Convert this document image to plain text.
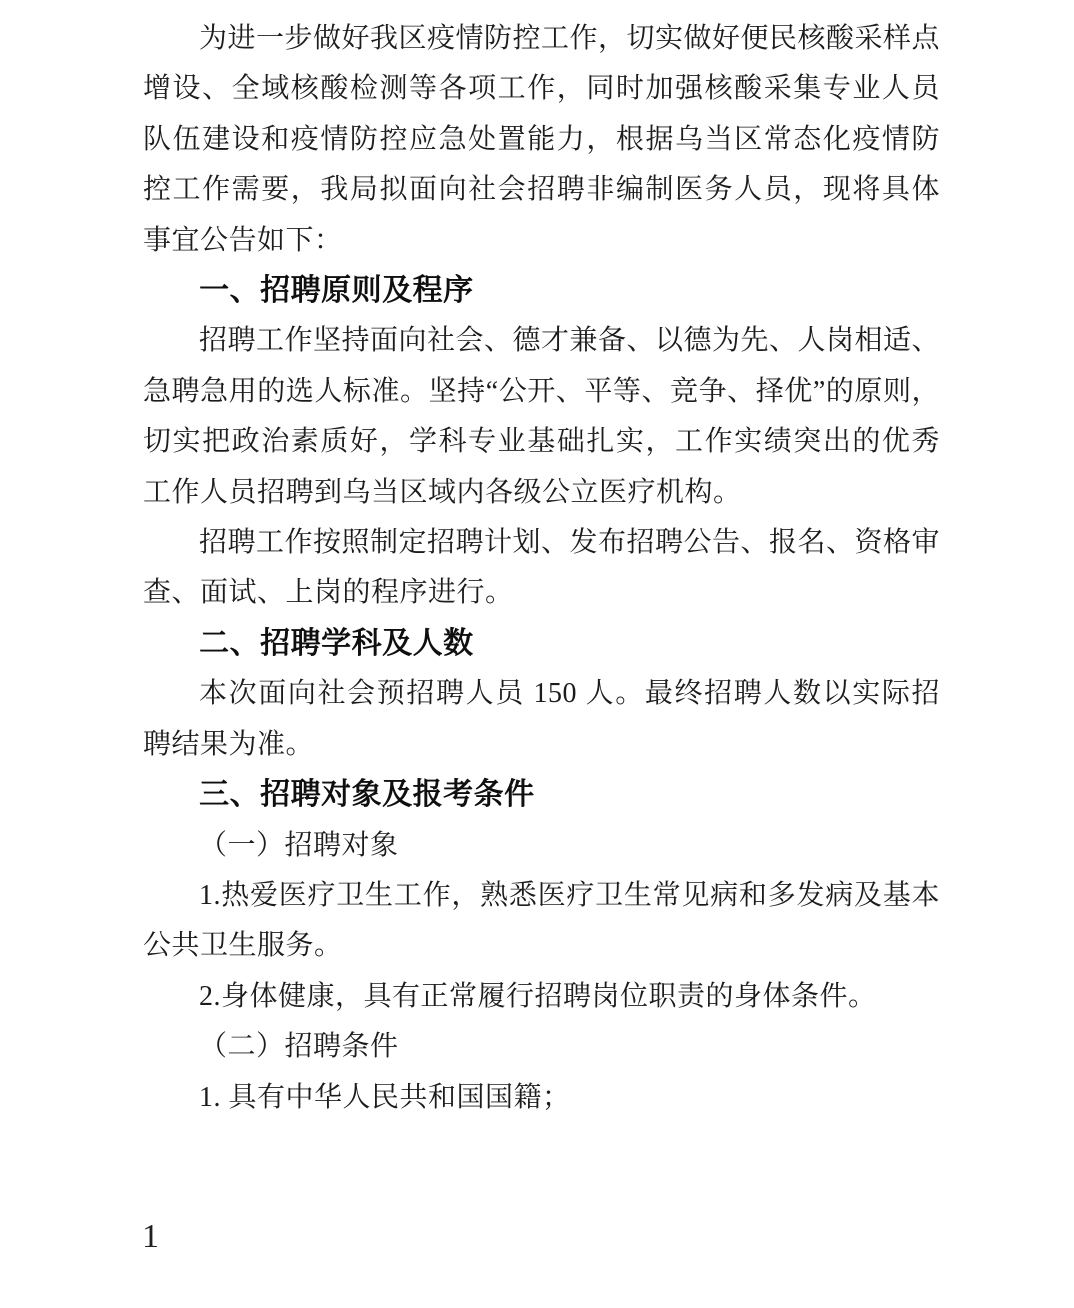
为进一步做好我区疫情防控工作，切实做好便民核酸采样点增设、全域核酸检测等各项工作，同时加强核酸采集专业人员队伍建设和疫情防控应急处置能力，根据乌当区常态化疫情防控工作需要，我局拟面向社会招聘非编制医务人员，现将具体事宜公告如下：

一、招聘原则及程序

招聘工作坚持面向社会、德才兼备、以德为先、人岗相适、急聘急用的选人标准。坚持“公开、平等、竞争、择优”的原则，切实把政治素质好，学科专业基础扎实，工作实绩突出的优秀工作人员招聘到乌当区域内各级公立医疗机构。

招聘工作按照制定招聘计划、发布招聘公告、报名、资格审查、面试、上岗的程序进行。

二、招聘学科及人数

本次面向社会预招聘人员 150 人。最终招聘人数以实际招聘结果为准。

三、招聘对象及报考条件

（一）招聘对象

1.热爱医疗卫生工作，熟悉医疗卫生常见病和多发病及基本公共卫生服务。

2.身体健康，具有正常履行招聘岗位职责的身体条件。

（二）招聘条件

1. 具有中华人民共和国国籍；

1
